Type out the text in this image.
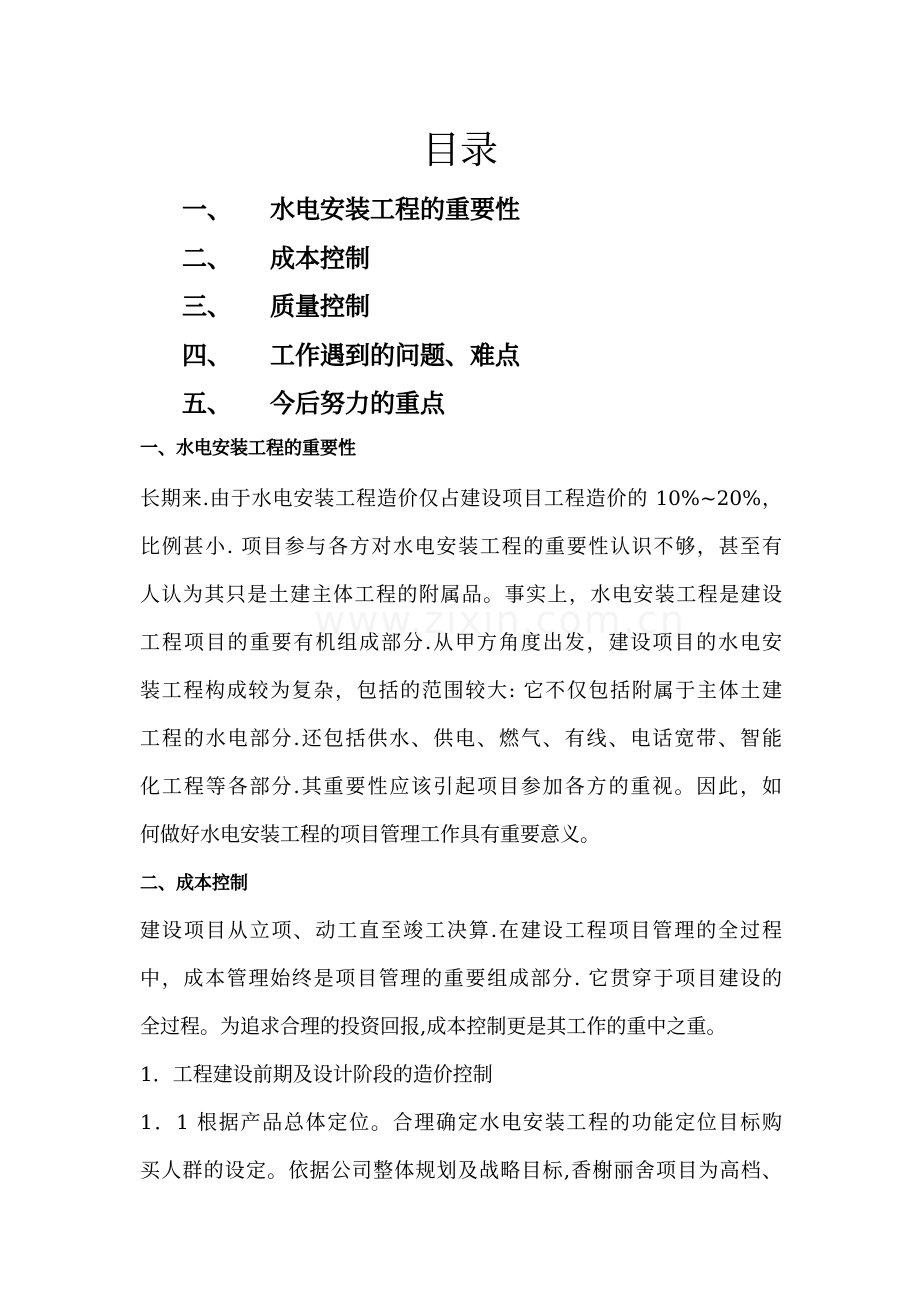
www.zixin.com.cn
目录
一、 水电安装工程的重要性
二、 成本控制
三、 质量控制
四、 工作遇到的问题、难点
五、 今后努力的重点
一、水电安装工程的重要性
长期来.由于水电安装工程造价仅占建设项目工程造价的 10%~20%，
比例甚小. 项目参与各方对水电安装工程的重要性认识不够，甚至有
人认为其只是土建主体工程的附属品。事实上，水电安装工程是建设
工程项目的重要有机组成部分.从甲方角度出发，建设项目的水电安
装工程构成较为复杂，包括的范围较大: 它不仅包括附属于主体土建
工程的水电部分.还包括供水、供电、燃气、有线、电话宽带、智能
化工程等各部分.其重要性应该引起项目参加各方的重视。因此，如
何做好水电安装工程的项目管理工作具有重要意义。
二、成本控制
建设项目从立项、动工直至竣工决算.在建设工程项目管理的全过程
中，成本管理始终是项目管理的重要组成部分. 它贯穿于项目建设的
全过程。为追求合理的投资回报,成本控制更是其工作的重中之重。
1．工程建设前期及设计阶段的造价控制
1．1 根据产品总体定位。合理确定水电安装工程的功能定位目标购
买人群的设定。依据公司整体规划及战略目标,香榭丽舍项目为高档、
